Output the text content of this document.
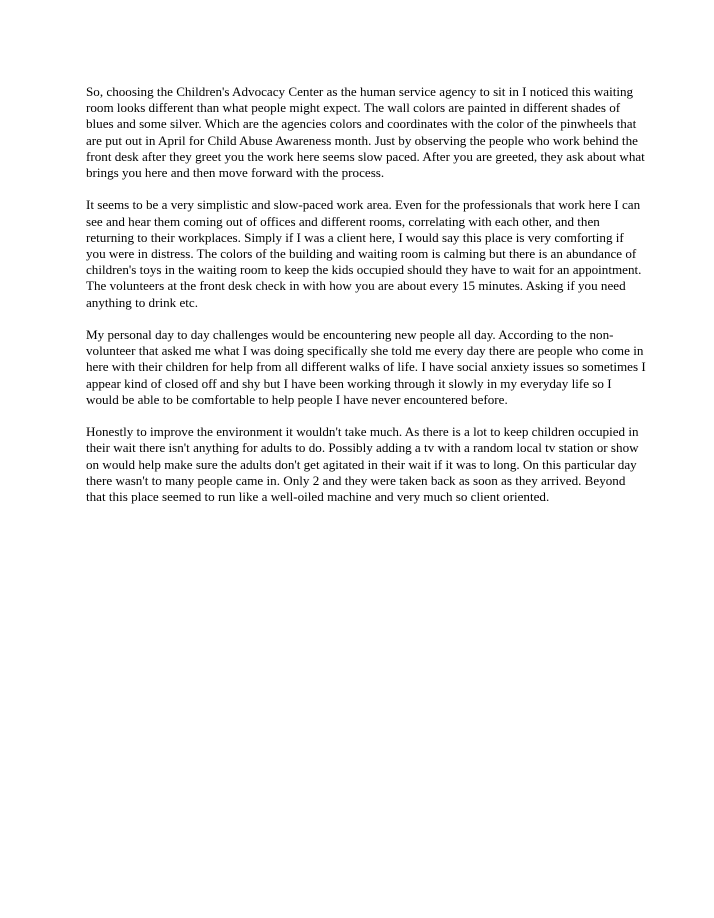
So, choosing the Children's Advocacy Center as the human service agency to sit in I noticed this waiting room looks different than what people might expect. The wall colors are painted in different shades of blues and some silver. Which are the agencies colors and coordinates with the color of the pinwheels that are put out in April for Child Abuse Awareness month. Just by observing the people who work behind the front desk after they greet you the work here seems slow paced. After you are greeted, they ask about what brings you here and then move forward with the process.

It seems to be a very simplistic and slow-paced work area. Even for the professionals that work here I can see and hear them coming out of offices and different rooms, correlating with each other, and then returning to their workplaces. Simply if I was a client here, I would say this place is very comforting if you were in distress. The colors of the building and waiting room is calming but there is an abundance of children's toys in the waiting room to keep the kids occupied should they have to wait for an appointment. The volunteers at the front desk check in with how you are about every 15 minutes. Asking if you need anything to drink etc.

My personal day to day challenges would be encountering new people all day. According to the non-volunteer that asked me what I was doing specifically she told me every day there are people who come in here with their children for help from all different walks of life. I have social anxiety issues so sometimes I appear kind of closed off and shy but I have been working through it slowly in my everyday life so I would be able to be comfortable to help people I have never encountered before.

Honestly to improve the environment it wouldn't take much. As there is a lot to keep children occupied in their wait there isn't anything for adults to do. Possibly adding a tv with a random local tv station or show on would help make sure the adults don't get agitated in their wait if it was to long. On this particular day there wasn't to many people came in. Only 2 and they were taken back as soon as they arrived. Beyond that this place seemed to run like a well-oiled machine and very much so client oriented.
